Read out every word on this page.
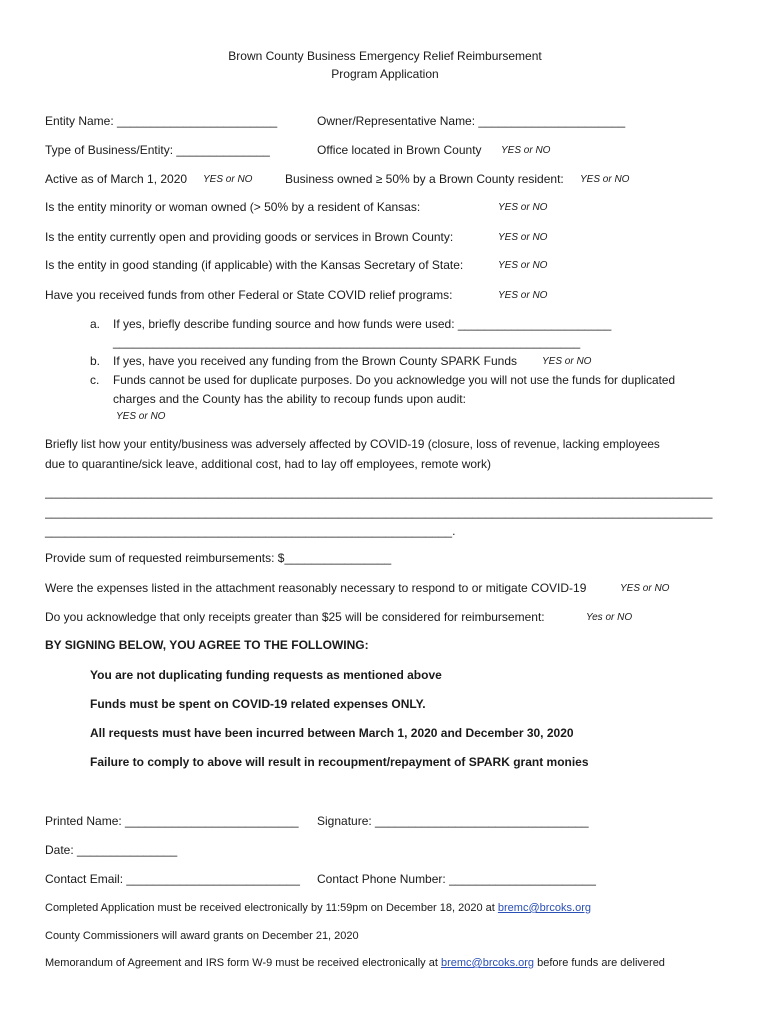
Brown County Business Emergency Relief Reimbursement
Program Application
Entity Name: ________________________	Owner/Representative Name: ______________________
Type of Business/Entity: ______________	Office located in Brown County YES or NO
Active as of March 1, 2020 YES or NO	Business owned ≥ 50% by a Brown County resident: YES or NO
Is the entity minority or woman owned (> 50% by a resident of Kansas:	YES or NO
Is the entity currently open and providing goods or services in Brown County:	YES or NO
Is the entity in good standing (if applicable) with the Kansas Secretary of State:	YES or NO
Have you received funds from other Federal or State COVID relief programs:	YES or NO
a. If yes, briefly describe funding source and how funds were used: _______________________
______________________________________________________________________
b. If yes, have you received any funding from the Brown County SPARK Funds	YES or NO
c. Funds cannot be used for duplicate purposes. Do you acknowledge you will not use the funds for duplicated
charges and the County has the ability to recoup funds upon audit:
YES or NO
Briefly list how your entity/business was adversely affected by COVID-19 (closure, loss of revenue, lacking employees
due to quarantine/sick leave, additional cost, had to lay off employees, remote work)
____________________________________________________________________________________________________
____________________________________________________________________________________________________
_____________________________________________________________.
Provide sum of requested reimbursements: $________________
Were the expenses listed in the attachment reasonably necessary to respond to or mitigate COVID-19	YES or NO
Do you acknowledge that only receipts greater than $25 will be considered for reimbursement:	Yes or NO
BY SIGNING BELOW, YOU AGREE TO THE FOLLOWING:
You are not duplicating funding requests as mentioned above
Funds must be spent on COVID-19 related expenses ONLY.
All requests must have been incurred between March 1, 2020 and December 30, 2020
Failure to comply to above will result in recoupment/repayment of SPARK grant monies
Printed Name: __________________________ Signature: ________________________________
Date: _______________
Contact Email: __________________________ Contact Phone Number: ______________________
Completed Application must be received electronically by 11:59pm on December 18, 2020 at bremc@brcoks.org
County Commissioners will award grants on December 21, 2020
Memorandum of Agreement and IRS form W-9 must be received electronically at bremc@brcoks.org before funds are delivered
